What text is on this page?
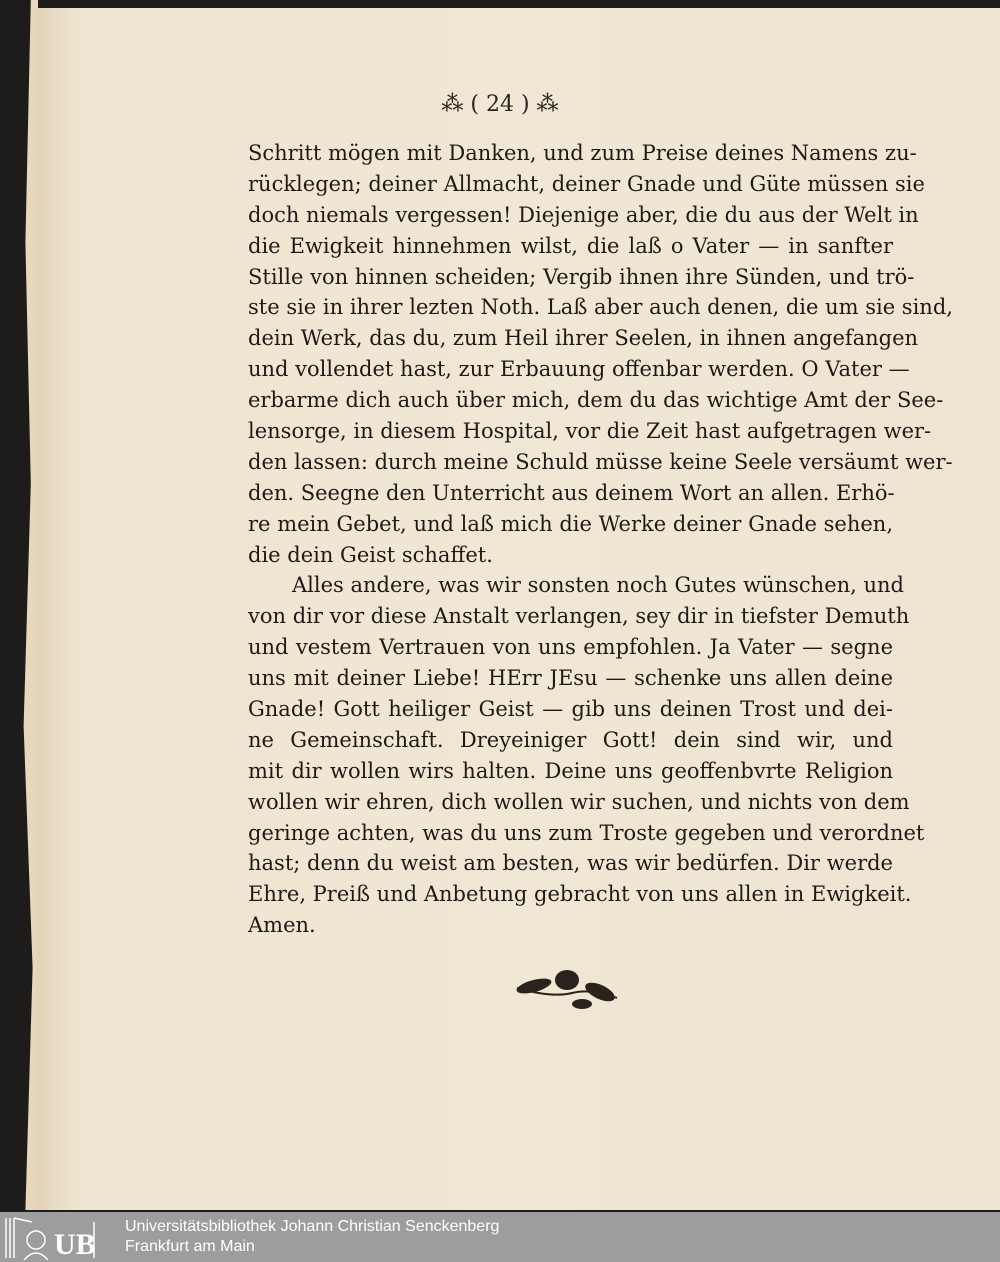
⁂ ( 24 ) ⁂
Schritt mögen mit Danken, und zum Preise deines Namens zu-
rücklegen; deiner Allmacht, deiner Gnade und Güte müssen sie
doch niemals vergessen! Diejenige aber, die du aus der Welt in
die Ewigkeit hinnehmen wilst, die laß o Vater — in sanfter
Stille von hinnen scheiden; Vergib ihnen ihre Sünden, und trö-
ste sie in ihrer lezten Noth. Laß aber auch denen, die um sie sind,
dein Werk, das du, zum Heil ihrer Seelen, in ihnen angefangen
und vollendet hast, zur Erbauung offenbar werden. O Vater —
erbarme dich auch über mich, dem du das wichtige Amt der See-
lensorge, in diesem Hospital, vor die Zeit hast aufgetragen wer-
den lassen: durch meine Schuld müsse keine Seele versäumt wer-
den. Seegne den Unterricht aus deinem Wort an allen. Erhö-
re mein Gebet, und laß mich die Werke deiner Gnade sehen,
die dein Geist schaffet.
Alles andere, was wir sonsten noch Gutes wünschen, und
von dir vor diese Anstalt verlangen, sey dir in tiefster Demuth
und vestem Vertrauen von uns empfohlen. Ja Vater — segne
uns mit deiner Liebe! HErr JEsu — schenke uns allen deine
Gnade! Gott heiliger Geist — gib uns deinen Trost und dei-
ne Gemeinschaft. Dreyeiniger Gott! dein sind wir, und
mit dir wollen wirs halten. Deine uns geoffenbvrte Religion
wollen wir ehren, dich wollen wir suchen, und nichts von dem
geringe achten, was du uns zum Troste gegeben und verordnet
hast; denn du weist am besten, was wir bedürfen. Dir werde
Ehre, Preiß und Anbetung gebracht von uns allen in Ewigkeit.
Amen.
UB
Universitätsbibliothek Johann Christian Senckenberg
Frankfurt am Main
